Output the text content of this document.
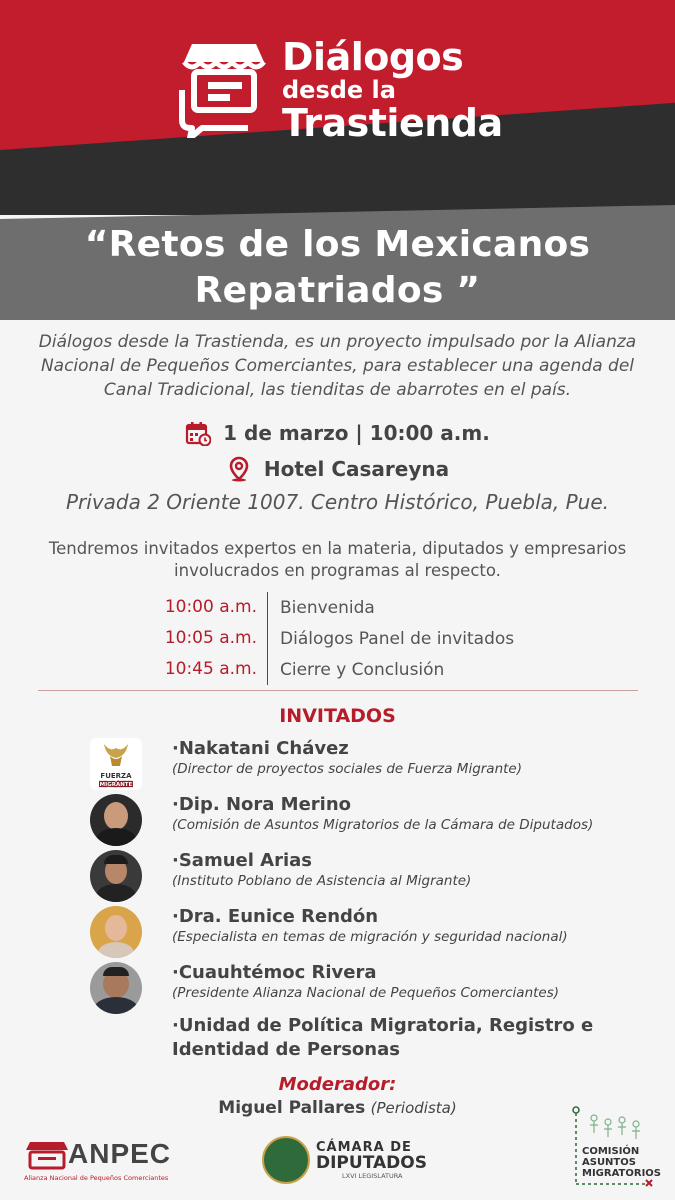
Diálogos
desde la
Trastienda
“Retos de los Mexicanos
Repatriados ”
Diálogos desde la Trastienda, es un proyecto impulsado por la Alianza Nacional de Pequeños Comerciantes, para establecer una agenda del Canal Tradicional, las tienditas de abarrotes en el país.
1 de marzo | 10:00 a.m.
Hotel Casareyna
Privada 2 Oriente 1007. Centro Histórico, Puebla, Pue.
Tendremos invitados expertos en la materia, diputados y empresarios involucrados en programas al respecto.
10:00 a.m.	Bienvenida
10:05 a.m.	Diálogos Panel de invitados
10:45 a.m.	Cierre y Conclusión
INVITADOS
FUERZA
MIGRANTE
·Nakatani Chávez
(Director de proyectos sociales de Fuerza Migrante)
·Dip. Nora Merino
(Comisión de Asuntos Migratorios de la Cámara de Diputados)
·Samuel Arias
(Instituto Poblano de Asistencia al Migrante)
·Dra. Eunice Rendón
(Especialista en temas de migración y seguridad nacional)
·Cuauhtémoc Rivera
(Presidente Alianza Nacional de Pequeños Comerciantes)
·Unidad de Política Migratoria, Registro e
Identidad de Personas
Moderador:
Miguel Pallares (Periodista)
ANPEC
Alianza Nacional de Pequeños Comerciantes
CÁMARA DE
DIPUTADOS
LXVI LEGISLATURA
COMISIÓN
ASUNTOS
MIGRATORIOS
